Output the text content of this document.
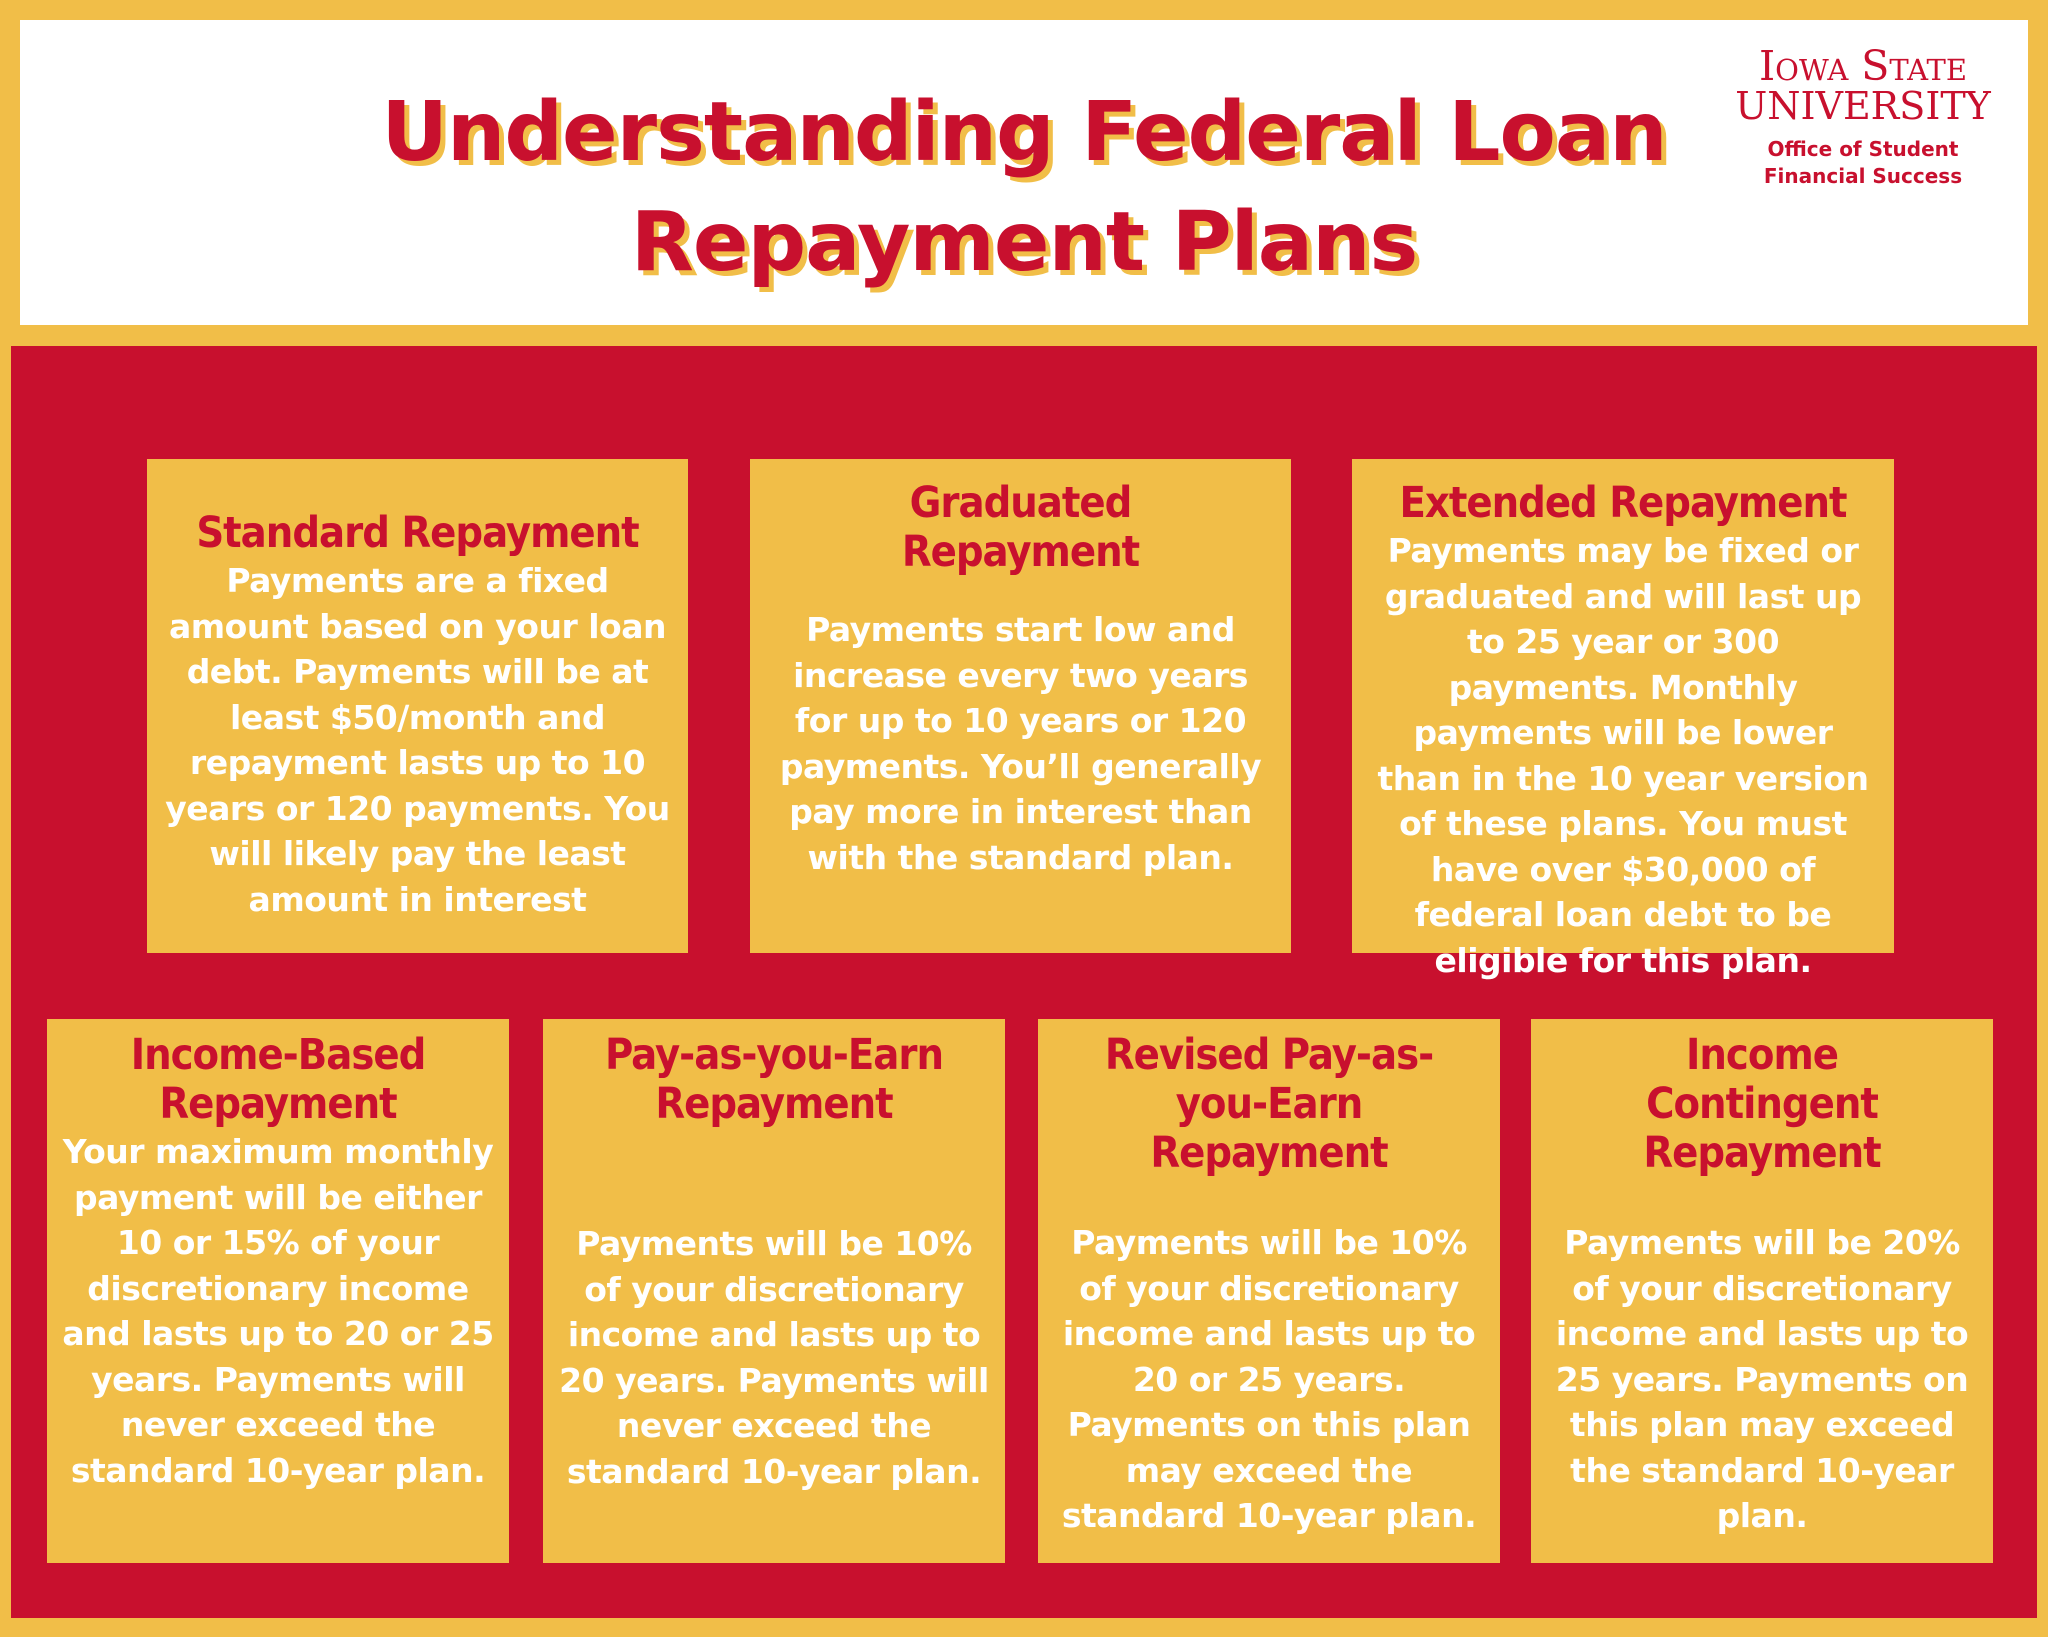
Understanding Federal Loan
Repayment Plans
Iowa State
UNIVERSITY
Office of Student
Financial Success
Standard Repayment

Payments are a fixed amount based on your loan debt. Payments will be at least $50/month and repayment lasts up to 10 years or 120 payments. You will likely pay the least amount in interest

Graduated Repayment

Payments start low and increase every two years for up to 10 years or 120 payments. You’ll generally pay more in interest than with the standard plan.

Extended Repayment

Payments may be fixed or graduated and will last up to 25 year or 300 payments. Monthly payments will be lower than in the 10 year version of these plans. You must have over $30,000 of federal loan debt to be eligible for this plan.

Income-Based Repayment

Your maximum monthly payment will be either 10 or 15% of your discretionary income and lasts up to 20 or 25 years. Payments will never exceed the standard 10-year plan.

Pay-as-you-Earn Repayment

Payments will be 10% of your discretionary income and lasts up to 20 years. Payments will never exceed the standard 10-year plan.

Revised Pay-as-you-Earn Repayment

Payments will be 10% of your discretionary income and lasts up to 20 or 25 years. Payments on this plan may exceed the standard 10-year plan.

Income Contingent Repayment

Payments will be 20% of your discretionary income and lasts up to 25 years. Payments on this plan may exceed the standard 10-year plan.
